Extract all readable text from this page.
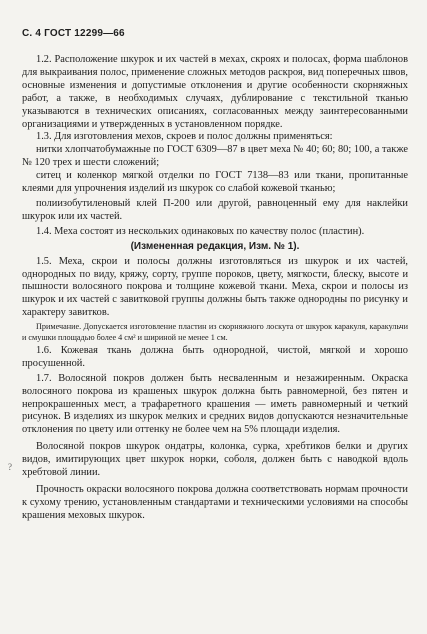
С. 4 ГОСТ 12299—66

1.2. Расположение шкурок и их частей в мехах, скроях и полосах, форма шаблонов для выкраивания полос, применение сложных методов раскроя, вид поперечных швов, основные изменения и допустимые отклонения и другие особенности скорняжных работ, а также, в необходимых случаях, дублирование с текстильной тканью указываются в технических описаниях, согласованных между заинтересованными организациями и утвержденных в установленном порядке.

1.3. Для изготовления мехов, скроев и полос должны применяться:

нитки хлопчатобумажные по ГОСТ 6309—87 в цвет меха № 40; 60; 80; 100, а также № 120 трех и шести сложений;

ситец и коленкор мягкой отделки по ГОСТ 7138—83 или ткани, пропитанные клеями для упрочнения изделий из шкурок со слабой кожевой тканью;

полиизобутиленовый клей П-200 или другой, равноценный ему для наклейки шкурок или их частей.

1.4. Меха состоят из нескольких одинаковых по качеству полос (пластин).

(Измененная редакция, Изм. № 1).

1.5. Меха, скрои и полосы должны изготовляться из шкурок и их частей, однородных по виду, кряжу, сорту, группе пороков, цвету, мягкости, блеску, высоте и пышности волосяного покрова и толщине кожевой ткани. Меха, скрои и полосы из шкурок и их частей с завитковой группы должны быть также однородны по рисунку и характеру завитков.

Примечание. Допускается изготовление пластин из скорняжного лоскута от шкурок каракуля, каракульчи и смушки площадью более 4 см² и шириной не менее 1 см.

1.6. Кожевая ткань должна быть однородной, чистой, мягкой и хорошо просушенной.

1.7. Волосяной покров должен быть несваленным и незажиренным. Окраска волосяного покрова из крашеных шкурок должна быть равномерной, без пятен и непрокрашенных мест, а трафаретного крашения — иметь равномерный и четкий рисунок. В изделиях из шкурок мелких и средних видов допускаются незначительные отклонения по цвету или оттенку не более чем на 5% площади изделия.

Волосяной покров шкурок ондатры, колонка, сурка, хребтиков белки и других видов, имитирующих цвет шкурок норки, соболя, должен быть с наводкой вдоль хребтовой линии.

Прочность окраски волосяного покрова должна соответствовать нормам прочности к сухому трению, установленным стандартами и техническими условиями на способы крашения меховых шкурок.

?
